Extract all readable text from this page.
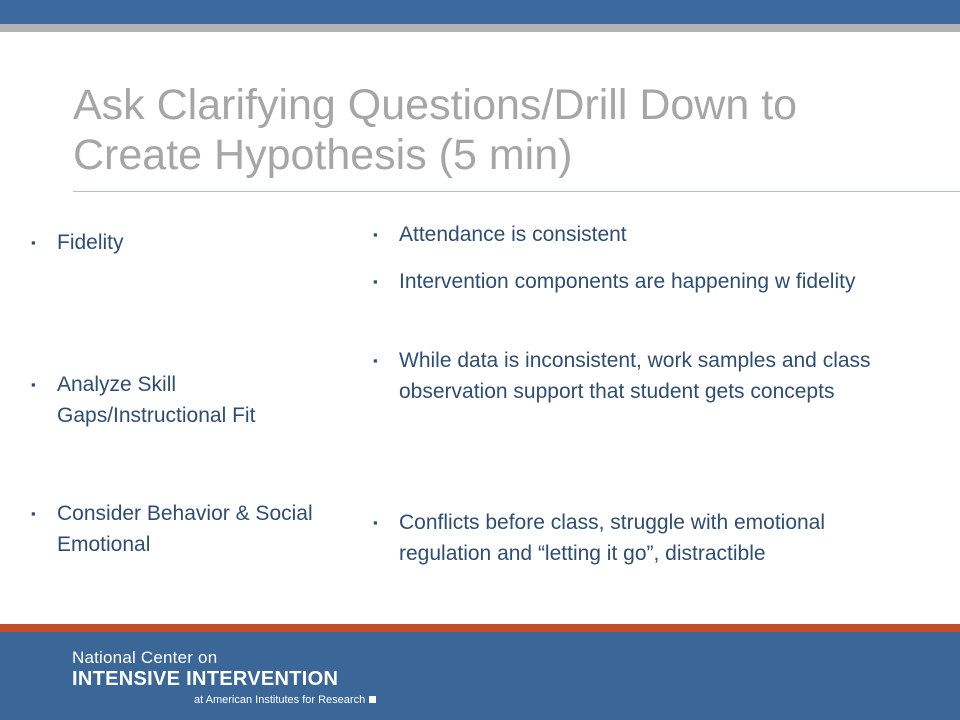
Ask Clarifying Questions/Drill Down to
Create Hypothesis (5 min)
▪ Fidelity
▪ Analyze Skill Gaps/Instructional Fit
▪ Consider Behavior & Social Emotional
▪ Attendance is consistent
▪ Intervention components are happening w fidelity
▪ While data is inconsistent, work samples and class observation support that student gets concepts
▪ Conflicts before class, struggle with emotional regulation and “letting it go”, distractible
National Center on
INTENSIVE INTERVENTION
at American Institutes for Research
